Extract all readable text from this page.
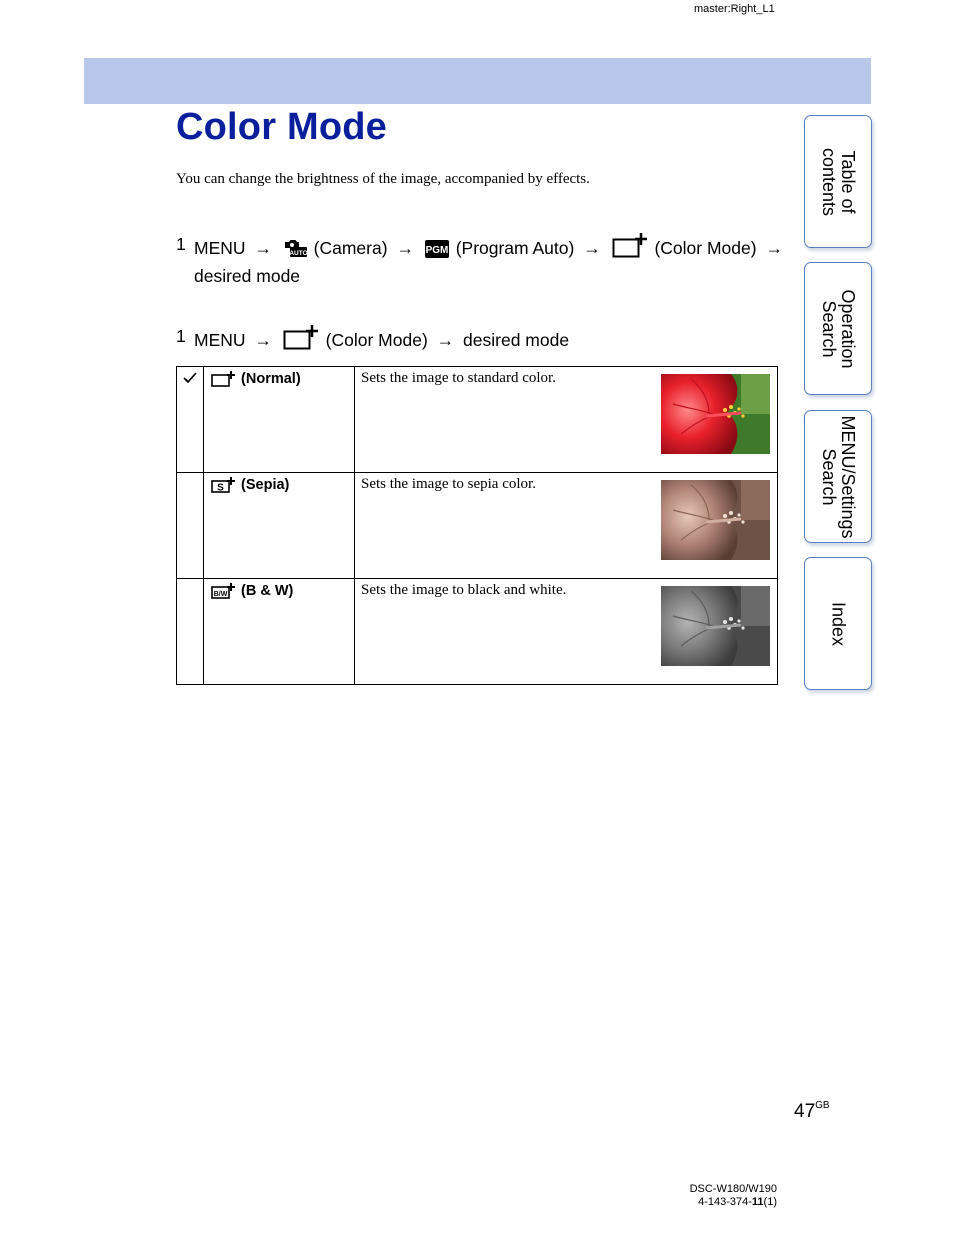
master:Right_L1
Color Mode
You can change the brightness of the image, accompanied by effects.
1 MENU →	AUTO (Camera) → PGM (Program Auto) →	(Color Mode) →
desired mode
1 MENU →	(Color Mode) → desired mode
	(Normal)	Sets the image to standard color.

S (Sepia)	Sets the image to sepia color.

B/W (B & W)	Sets the image to black and white.
Table of
contents
Operation
Search
MENU/Settings
Search
Index
$47^{GB}$
DSC-W180/W190
4-143-374-11(1)
